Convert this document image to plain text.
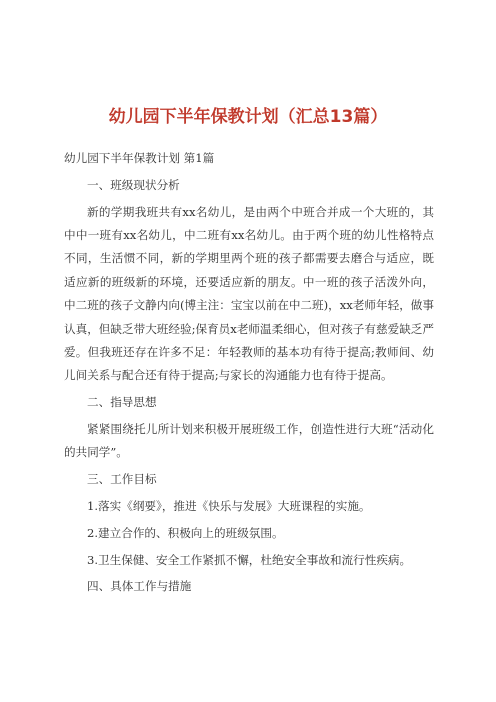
幼儿园下半年保教计划（汇总13篇）
幼儿园下半年保教计划 第1篇
一、班级现状分析
新的学期我班共有xx名幼儿，是由两个中班合并成一个大班的，其中中一班有xx名幼儿，中二班有xx名幼儿。由于两个班的幼儿性格特点不同，生活惯不同，新的学期里两个班的孩子都需要去磨合与适应，既适应新的班级新的环境，还要适应新的朋友。中一班的孩子活泼外向，中二班的孩子文静内向(博主注：宝宝以前在中二班)，xx老师年轻，做事认真，但缺乏带大班经验;保育员x老师温柔细心，但对孩子有慈爱缺乏严爱。但我班还存在许多不足：年轻教师的基本功有待于提高;教师间、幼儿间关系与配合还有待于提高;与家长的沟通能力也有待于提高。
二、指导思想
紧紧围绕托儿所计划来积极开展班级工作，创造性进行大班“活动化的共同学”。
三、工作目标
1.落实《纲要》，推进《快乐与发展》大班课程的实施。
2.建立合作的、积极向上的班级氛围。
3.卫生保健、安全工作紧抓不懈，杜绝安全事故和流行性疾病。
四、具体工作与措施
